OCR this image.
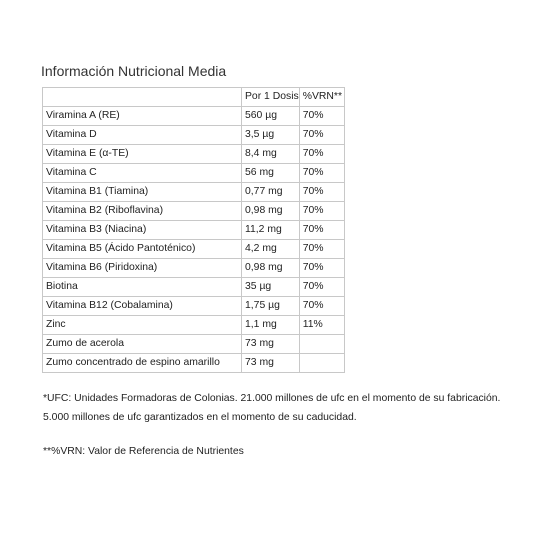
Información Nutricional Media
	Por 1 Dosis	%VRN**
Viramina A (RE)	560 µg	70%
Vitamina D	3,5 µg	70%
Vitamina E (α-TE)	8,4 mg	70%
Vitamina C	56 mg	70%
Vitamina B1 (Tiamina)	0,77 mg	70%
Vitamina B2 (Riboflavina)	0,98 mg	70%
Vitamina B3 (Niacina)	11,2 mg	70%
Vitamina B5 (Ácido Pantoténico)	4,2 mg	70%
Vitamina B6 (Piridoxina)	0,98 mg	70%
Biotina	35 µg	70%
Vitamina B12 (Cobalamina)	1,75 µg	70%
Zinc	1,1 mg	11%
Zumo de acerola	73 mg	
Zumo concentrado de espino amarillo	73 mg	
*UFC: Unidades Formadoras de Colonias. 21.000 millones de ufc en el momento de su fabricación. 5.000 millones de ufc garantizados en el momento de su caducidad.
**%VRN: Valor de Referencia de Nutrientes
